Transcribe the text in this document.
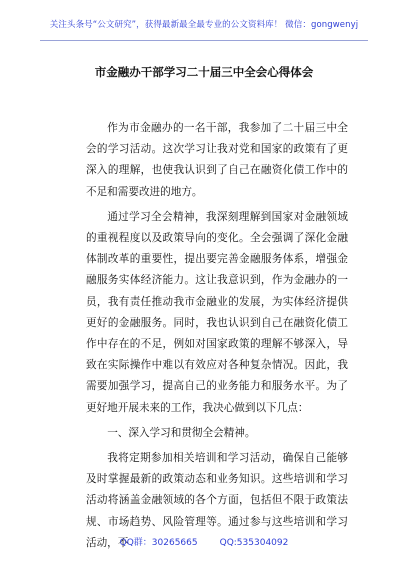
关注头条号“公文研究”，获得最新最全最专业的公文资料库！ 微信：gongwenyj
市金融办干部学习二十届三中全会心得体会

作为市金融办的一名干部，我参加了二十届三中全会的学习活动。这次学习让我对党和国家的政策有了更深入的理解，也使我认识到了自己在融资化债工作中的不足和需要改进的地方。

通过学习全会精神，我深刻理解到国家对金融领域的重视程度以及政策导向的变化。全会强调了深化金融体制改革的重要性，提出要完善金融服务体系，增强金融服务实体经济能力。这让我意识到，作为金融办的一员，我有责任推动我市金融业的发展，为实体经济提供更好的金融服务。同时，我也认识到自己在融资化债工作中存在的不足，例如对国家政策的理解不够深入，导致在实际操作中难以有效应对各种复杂情况。因此，我需要加强学习，提高自己的业务能力和服务水平。为了更好地开展未来的工作，我决心做到以下几点：

一、深入学习和贯彻全会精神。

我将定期参加相关培训和学习活动，确保自己能够及时掌握最新的政策动态和业务知识。这些培训和学习活动将涵盖金融领域的各个方面，包括但不限于政策法规、市场趋势、风险管理等。通过参与这些培训和学习活动，不

QQ群：30265665 QQ:535304092
